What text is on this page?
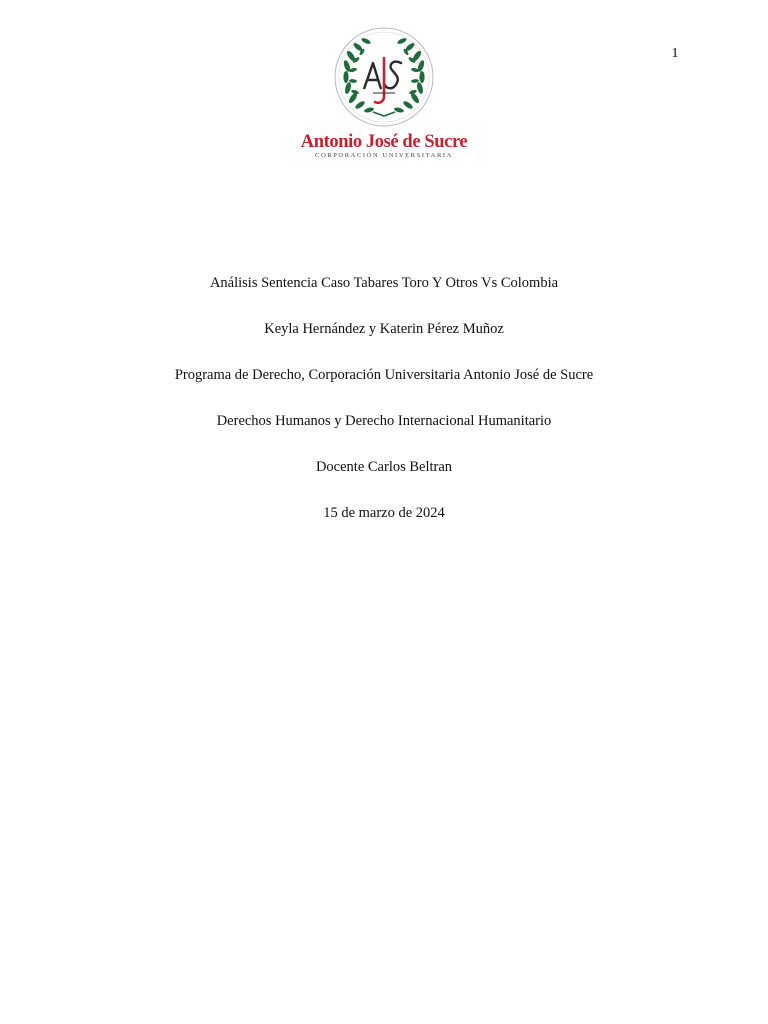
1
Antonio José de Sucre
CORPORACIÓN UNIVERSITARIA
Análisis Sentencia Caso Tabares Toro Y Otros Vs Colombia
Keyla Hernández y Katerin Pérez Muñoz
Programa de Derecho, Corporación Universitaria Antonio José de Sucre
Derechos Humanos y Derecho Internacional Humanitario
Docente Carlos Beltran
15 de marzo de 2024
